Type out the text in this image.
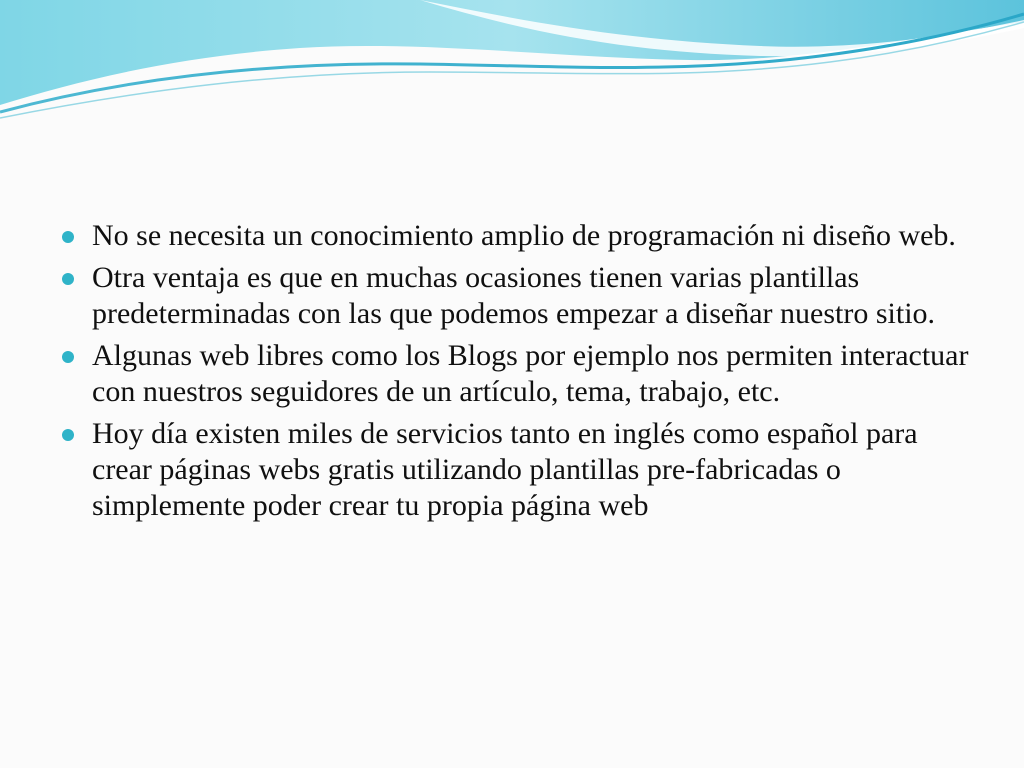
No se necesita un conocimiento amplio de programación ni diseño web.
Otra ventaja es que en muchas ocasiones tienen varias plantillas predeterminadas con las que podemos empezar a diseñar nuestro sitio.
Algunas web libres como los Blogs por ejemplo nos permiten interactuar con nuestros seguidores de un artículo, tema, trabajo, etc.
Hoy día existen miles de servicios tanto en inglés como español para crear páginas webs gratis utilizando plantillas pre-fabricadas o simplemente poder crear tu propia página web
